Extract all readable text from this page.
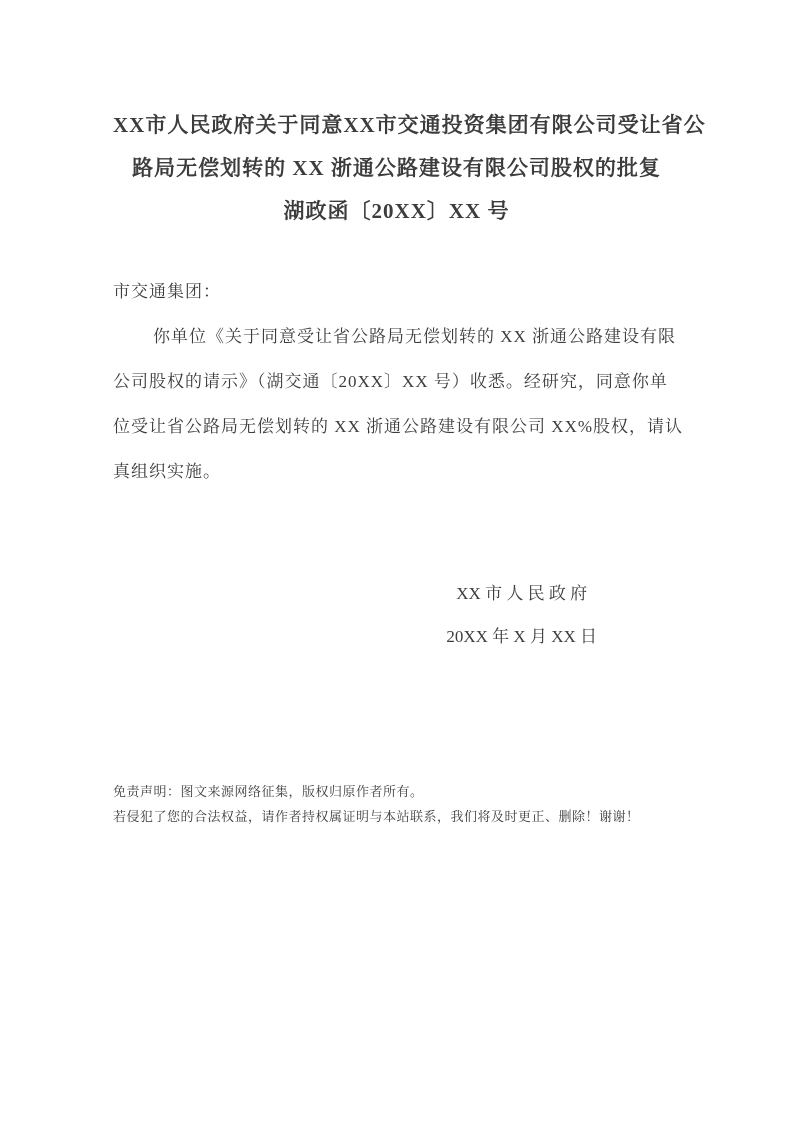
XX市人民政府关于同意XX市交通投资集团有限公司受让省公
路局无偿划转的 XX 浙通公路建设有限公司股权的批复
湖政函〔20XX〕XX 号
市交通集团：
你单位《关于同意受让省公路局无偿划转的 XX 浙通公路建设有限
公司股权的请示》（湖交通〔20XX〕XX 号）收悉。经研究，同意你单
位受让省公路局无偿划转的 XX 浙通公路建设有限公司 XX%股权，请认
真组织实施。
XX 市 人 民 政 府
20XX 年 X 月 XX 日
免责声明：图文来源网络征集，版权归原作者所有。
若侵犯了您的合法权益，请作者持权属证明与本站联系，我们将及时更正、删除！谢谢！
